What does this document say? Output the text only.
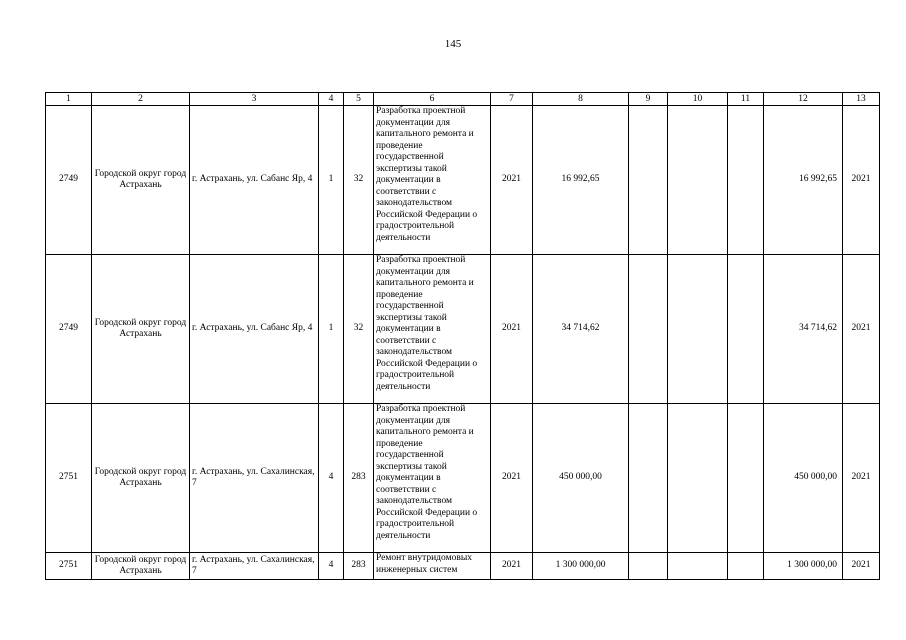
145
1	2	3	4	5	6	7	8	9	10	11	12	13
2749	Городской округ город Астрахань	г. Астрахань, ул. Сабанс Яр, 4	1	32	Разработка проектной документации для капитального ремонта и проведение государственной экспертизы такой документации в соответствии с законодательством Российской Федерации о градостроительной деятельности	2021	16 992,65				16 992,65	2021
2749	Городской округ город Астрахань	г. Астрахань, ул. Сабанс Яр, 4	1	32	Разработка проектной документации для капитального ремонта и проведение государственной экспертизы такой документации в соответствии с законодательством Российской Федерации о градостроительной деятельности	2021	34 714,62				34 714,62	2021
2751	Городской округ город Астрахань	г. Астрахань, ул. Сахалинская, 7	4	283	Разработка проектной документации для капитального ремонта и проведение государственной экспертизы такой документации в соответствии с законодательством Российской Федерации о градостроительной деятельности	2021	450 000,00				450 000,00	2021
2751	Городской округ город Астрахань	г. Астрахань, ул. Сахалинская, 7	4	283	Ремонт внутридомовых инженерных систем	2021	1 300 000,00				1 300 000,00	2021
